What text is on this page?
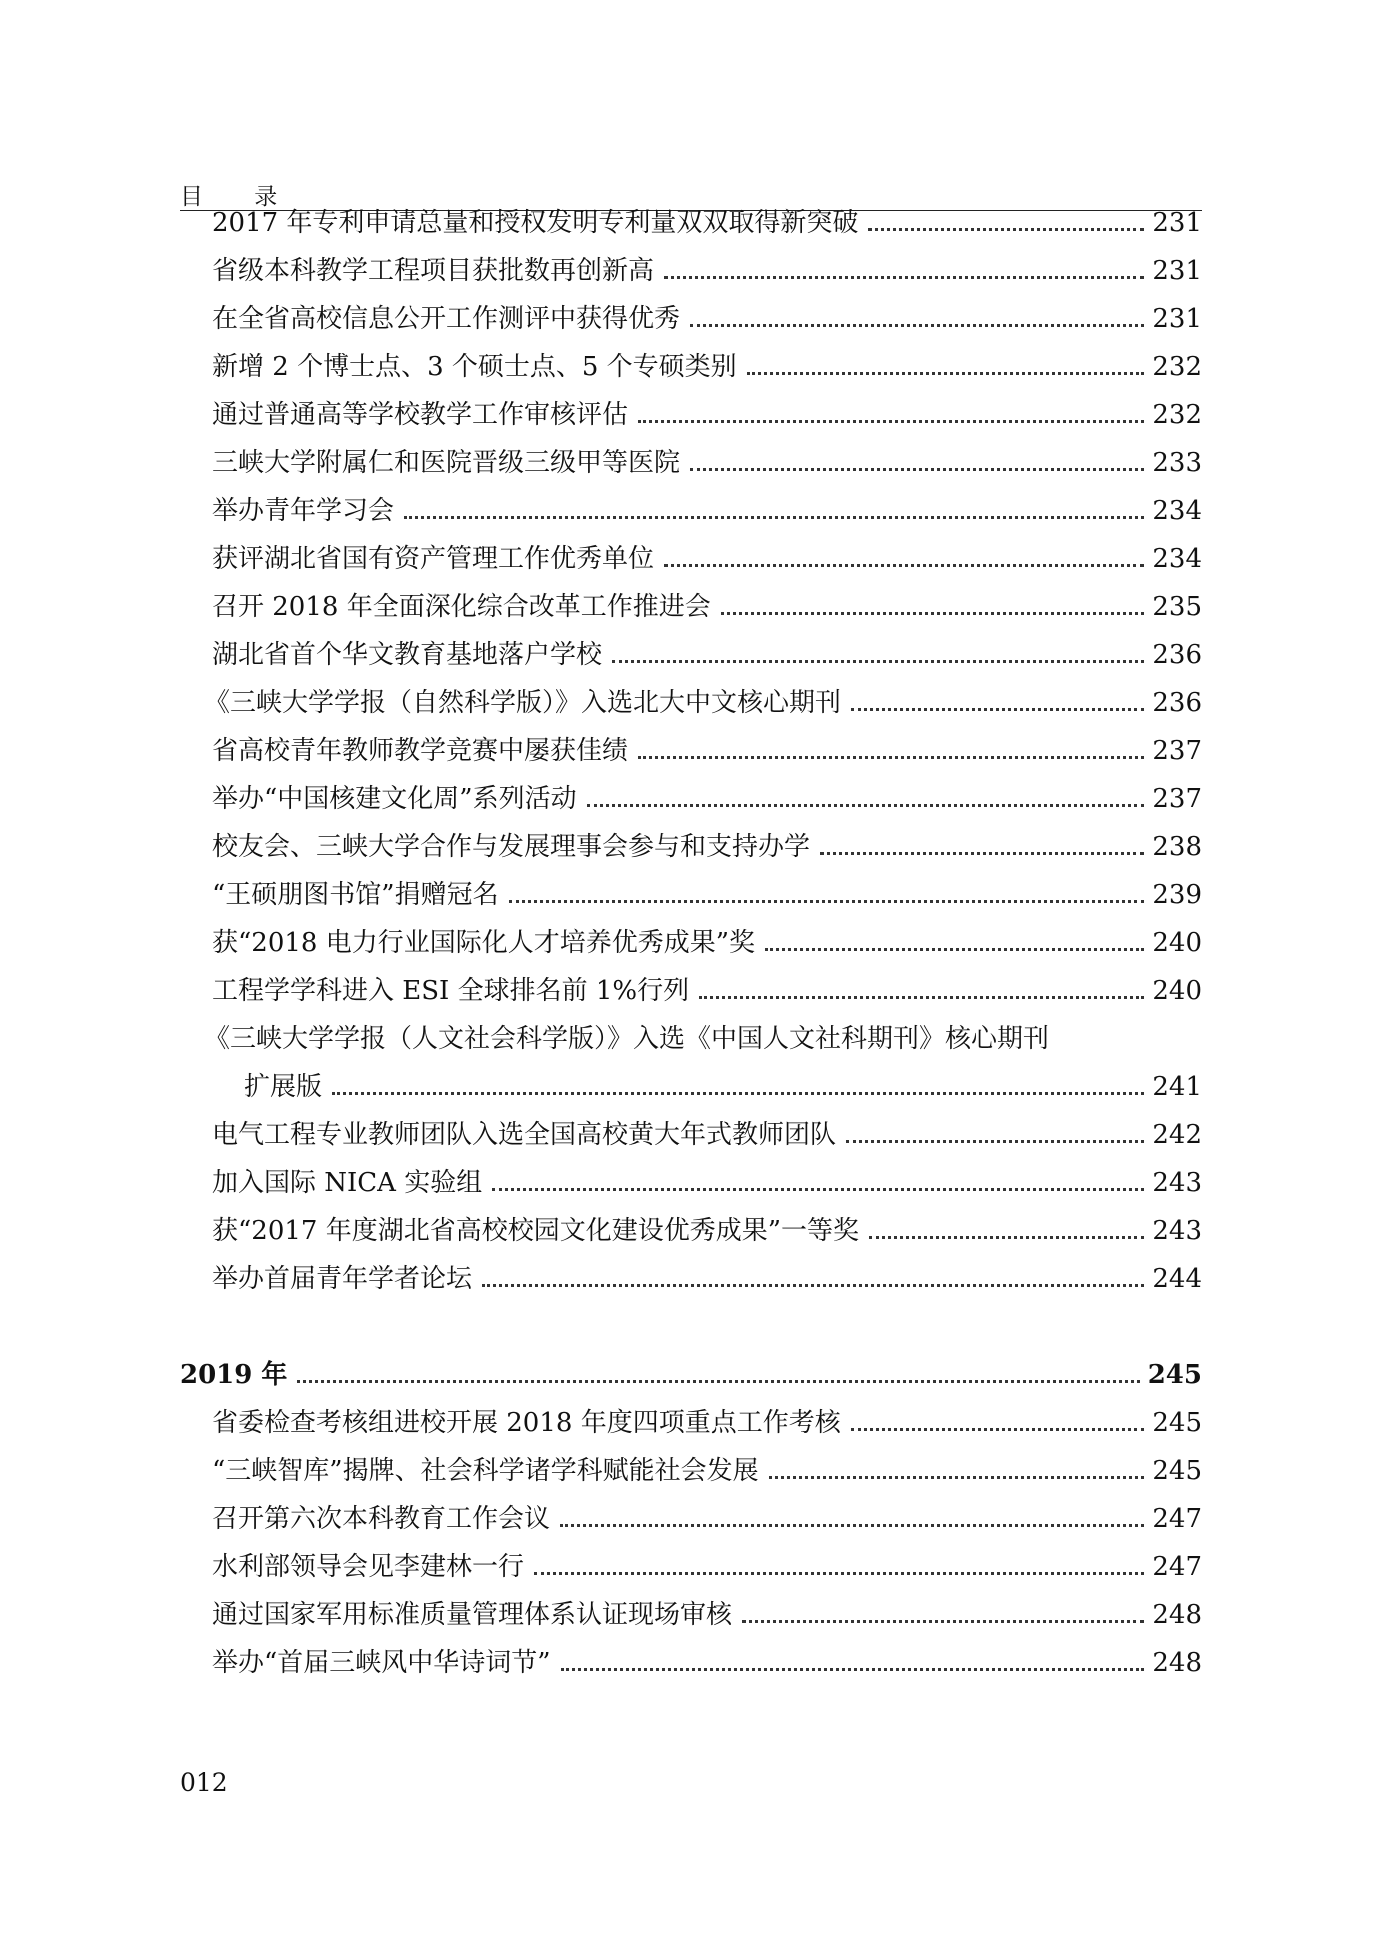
目 录
2017 年专利申请总量和授权发明专利量双双取得新突破	231
省级本科教学工程项目获批数再创新高	231
在全省高校信息公开工作测评中获得优秀	231
新增 2 个博士点、3 个硕士点、5 个专硕类别	232
通过普通高等学校教学工作审核评估	232
三峡大学附属仁和医院晋级三级甲等医院	233
举办青年学习会	234
获评湖北省国有资产管理工作优秀单位	234
召开 2018 年全面深化综合改革工作推进会	235
湖北省首个华文教育基地落户学校	236
《三峡大学学报（自然科学版）》入选北大中文核心期刊	236
省高校青年教师教学竞赛中屡获佳绩	237
举办“中国核建文化周”系列活动	237
校友会、三峡大学合作与发展理事会参与和支持办学	238
“王硕朋图书馆”捐赠冠名	239
获“2018 电力行业国际化人才培养优秀成果”奖	240
工程学学科进入 ESI 全球排名前 1%行列	240
《三峡大学学报（人文社会科学版）》入选《中国人文社科期刊》核心期刊
扩展版	241
电气工程专业教师团队入选全国高校黄大年式教师团队	242
加入国际 NICA 实验组	243
获“2017 年度湖北省高校校园文化建设优秀成果”一等奖	243
举办首届青年学者论坛	244
2019 年	245
省委检查考核组进校开展 2018 年度四项重点工作考核	245
“三峡智库”揭牌、社会科学诸学科赋能社会发展	245
召开第六次本科教育工作会议	247
水利部领导会见李建林一行	247
通过国家军用标准质量管理体系认证现场审核	248
举办“首届三峡风中华诗词节”	248
012
